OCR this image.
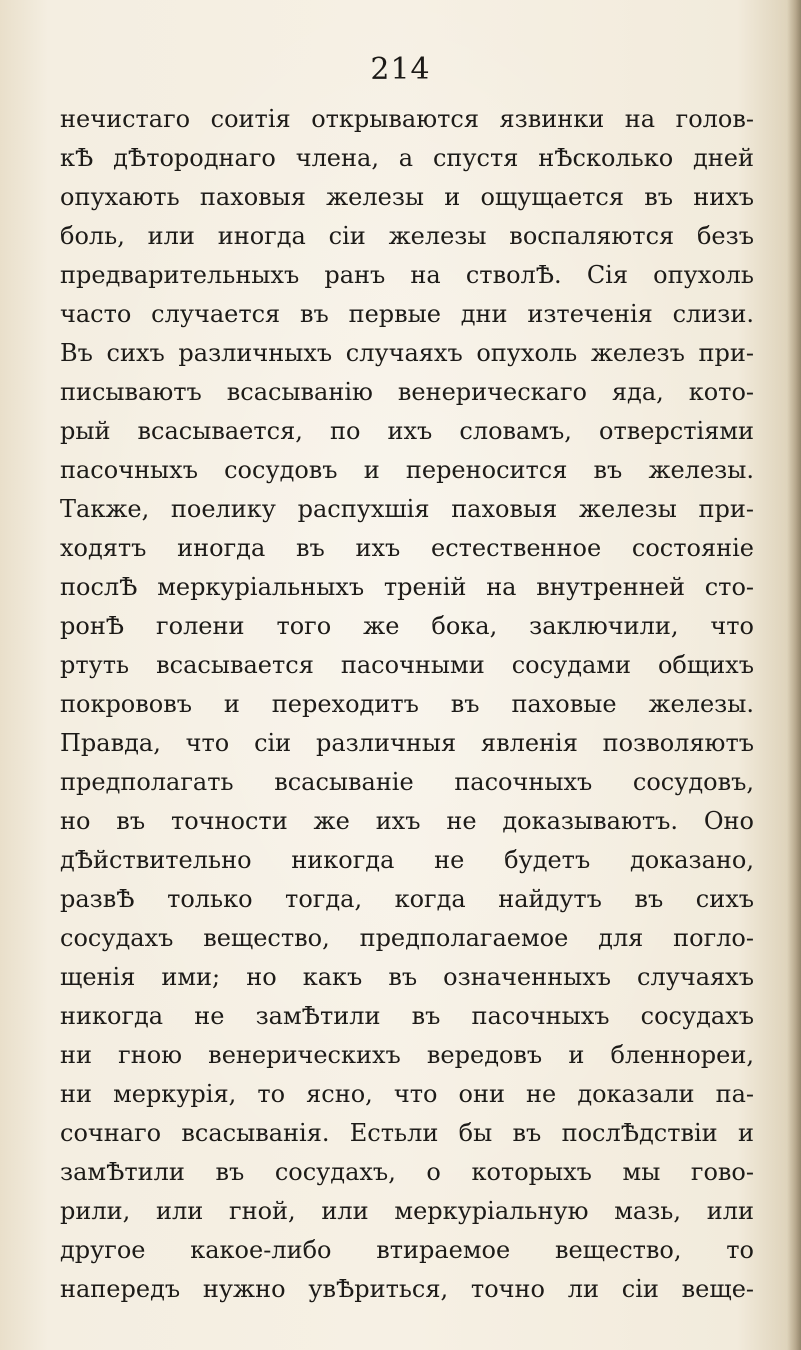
214
нечистаго соитія открываются язвинки на голов-
кѢ дѢтороднаго члена, а спустя нѢсколько дней
опухають паховыя железы и ощущается въ нихъ
боль, или иногда сіи железы воспаляются безъ
предварительныхъ ранъ на стволѢ. Сія опухоль
часто случается въ первые дни изтеченія слизи.
Въ сихъ различныхъ случаяхъ опухоль железъ при-
писываютъ всасыванію венерическаго яда, кото-
рый всасывается, по ихъ словамъ, отверстіями
пасочныхъ сосудовъ и переносится въ железы.
Также, поелику распухшія паховыя железы при-
ходятъ иногда въ ихъ естественное состояніе
послѢ меркуріальныхъ треній на внутренней сто-
ронѢ голени того же бока, заключили, что
ртуть всасывается пасочными сосудами общихъ
покрововъ и переходитъ въ паховые железы.
Правда, что сіи различныя явленія позволяютъ
предполагать всасываніе пасочныхъ сосудовъ,
но въ точности же ихъ не доказываютъ. Оно
дѢйствительно никогда не будетъ доказано,
развѢ только тогда, когда найдутъ въ сихъ
сосудахъ вещество, предполагаемое для погло-
щенія ими; но какъ въ означенныхъ случаяхъ
никогда не замѢтили въ пасочныхъ сосудахъ
ни гною венерическихъ вередовъ и бленнореи,
ни меркурія, то ясно, что они не доказали па-
сочнаго всасыванія. Естьли бы въ послѢдствіи и
замѢтили въ сосудахъ, о которыхъ мы гово-
рили, или гной, или меркуріальную мазь, или
другое какое-либо втираемое вещество, то
напередъ нужно увѢриться, точно ли сіи веще-
